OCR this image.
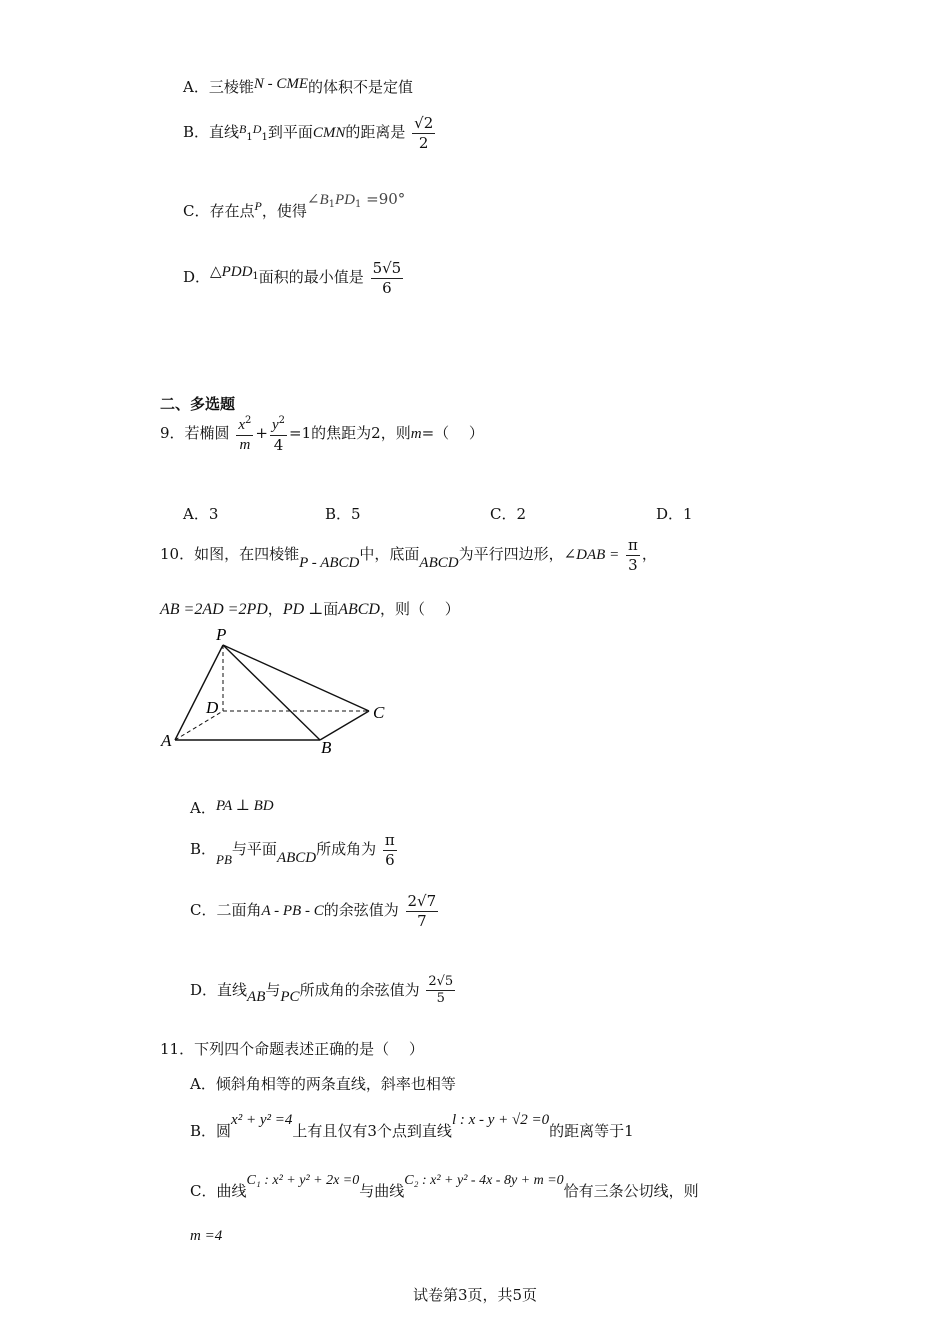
A．三棱锥N - CME的体积不是定值
B．直线$^B_1^D_1$到平面CMN的距离是 $\frac{√2}{2}$
C．存在点$^P$，使得$\angle B_1PD_1 =90^\circ$
D．$\triangle PDD_1$面积的最小值是 $\frac{5√5}{6}$
二、多选题
9．若椭圆 $\frac{x^2}{m} + \frac{y^2}{4} =1$的焦距为2，则m=（　 ）
A．3	B．5	C．2	D．1
10．如图，在四棱锥P - ABCD中，底面ABCD为平行四边形，∠DAB = $\frac{\pi}{3}$ ，
AB =2AD =2PD，PD ⊥面ABCD，则（　 ）
P
D	C
A	B
A．PA ⊥ BD
B．PB与平面ABCD所成角为 $\frac{\pi}{6}$
C．二面角A - PB - C的余弦值为 $\frac{2√7}{7}$
D．直线AB与PC所成角的余弦值为 $\frac{2√5}{5}$
11．下列四个命题表述正确的是（　 ）
A．倾斜角相等的两条直线，斜率也相等
B．圆x² + y² =4上有且仅有3个点到直线l : x - y + √2 =0的距离等于1
C．曲线C₁ : x² + y² + 2x =0与曲线C₂ : x² + y² - 4x - 8y + m =0恰有三条公切线，则
m =4
试卷第3页，共5页
